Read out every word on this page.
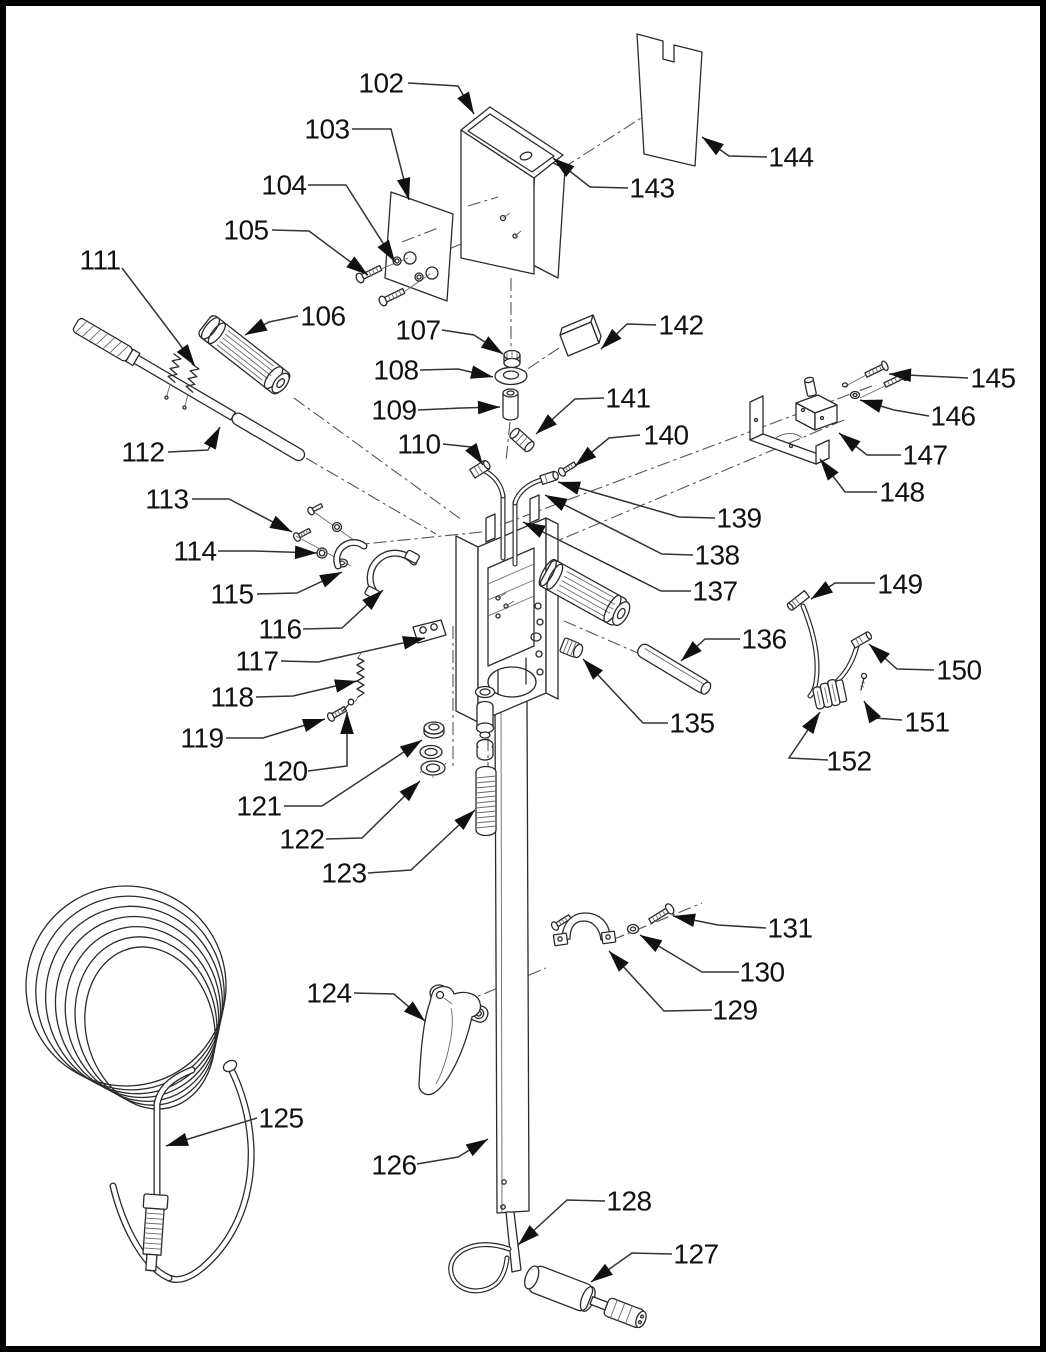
102
103
104
105
106 107
108
109
110
111
112
113
114
115
116
117
118
119
120
121
122
123
124
125
126
127
128
129
130
131
135
136
137
138
139
140
141
142
143
144
145
146
147
148
149
150
151
152
